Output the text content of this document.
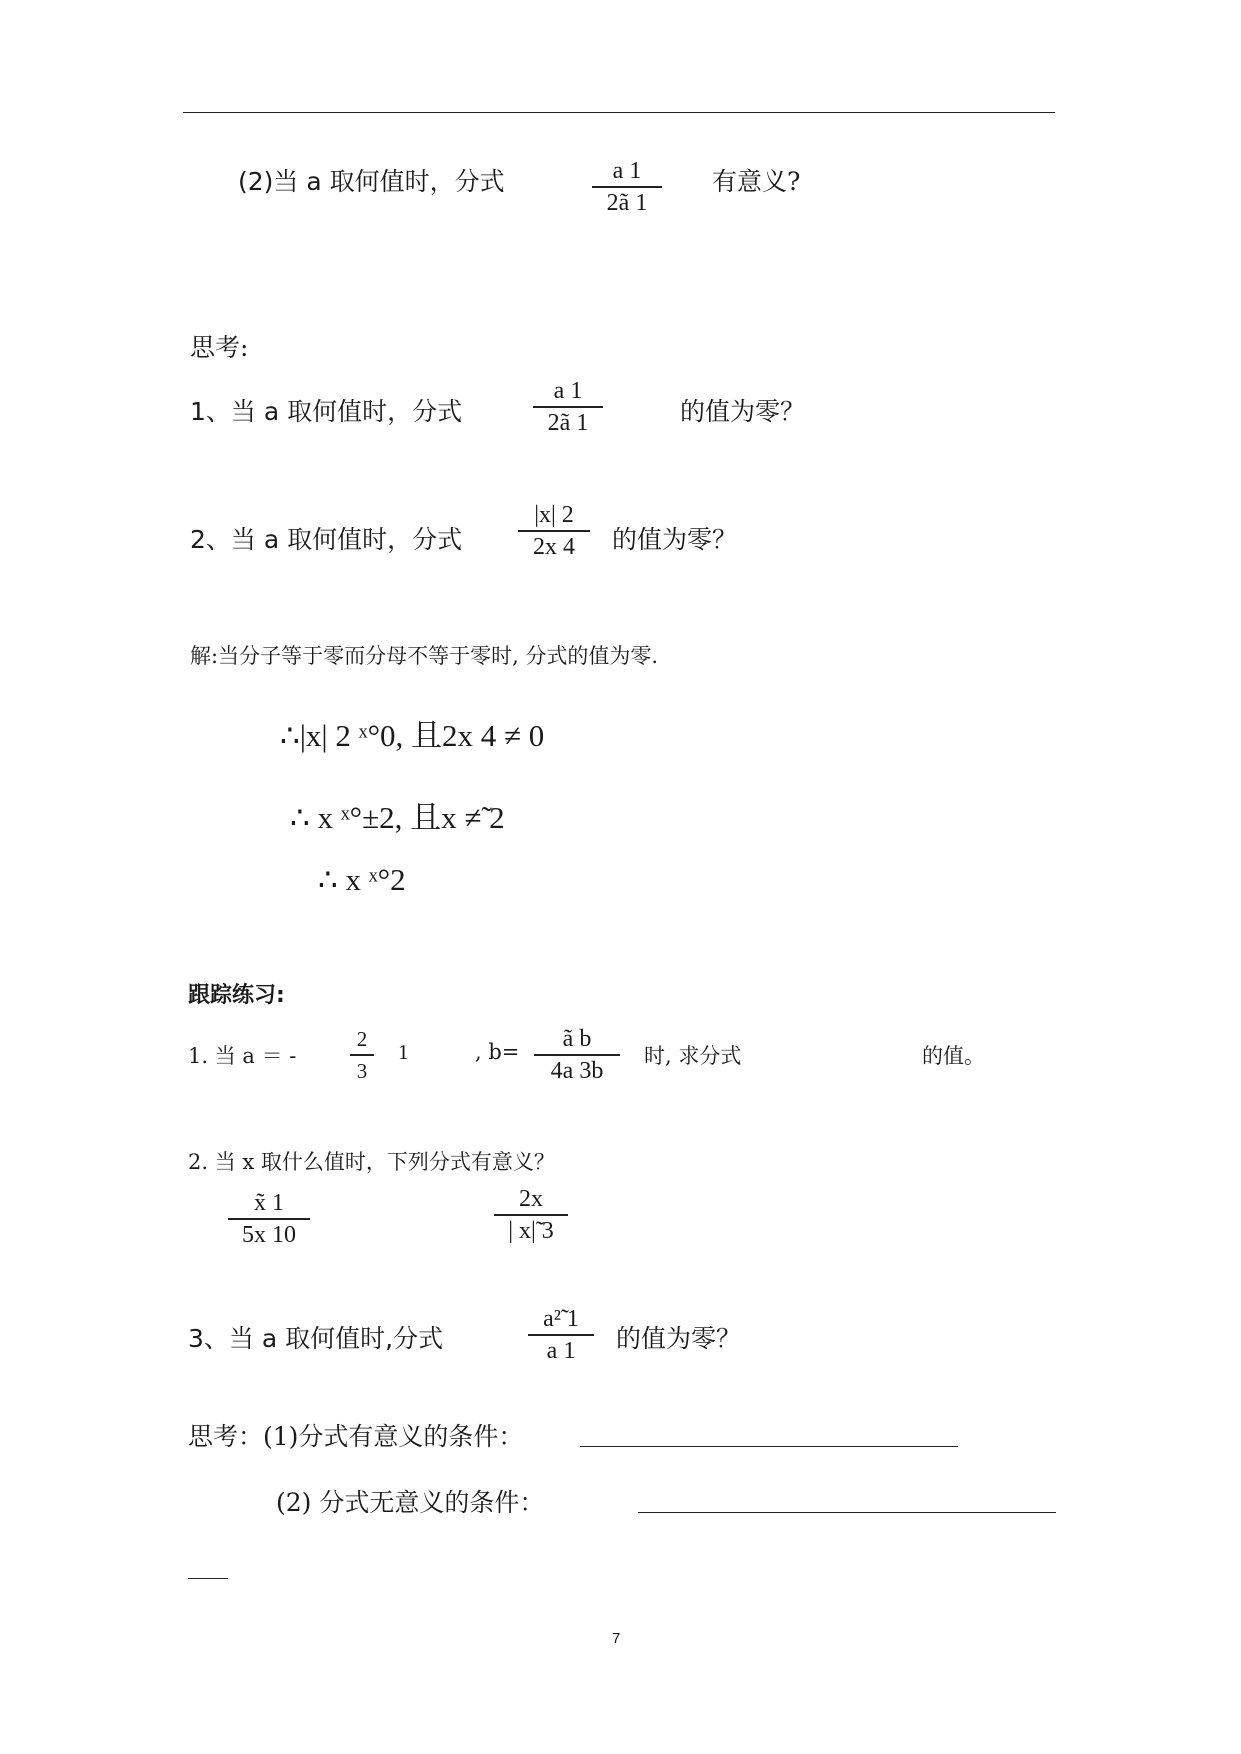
(2)当 a 取何值时，分式	a 1
2ã 1
有意义?
思考:
1、当 a 取何值时，分式
a 1
2ã 1	的值为零？
2、当 a 取何值时，分式
|x| 2
2x 4	的值为零？
解:当分子等于零而分母不等于零时, 分式的值为零.
∴|x| 2 ˣ°0, 且2x 4 ≠ 0
∴ x ˣ°±2, 且x ≠̃ 2
∴ x ˣ°2
跟踪练习:
1. 当 a ＝ -
2
3
1	, b=	ã b
4a 3b
时, 求分式	的值。
2. 当 x 取什么值时，下列分式有意义？
x̃ 1
5x 10
2x
| x|̃ 3
3、当 a 取何值时,分式
a²̃ 1
a 1	的值为零？
思考：(1)分式有意义的条件：
(2) 分式无意义的条件：
7
